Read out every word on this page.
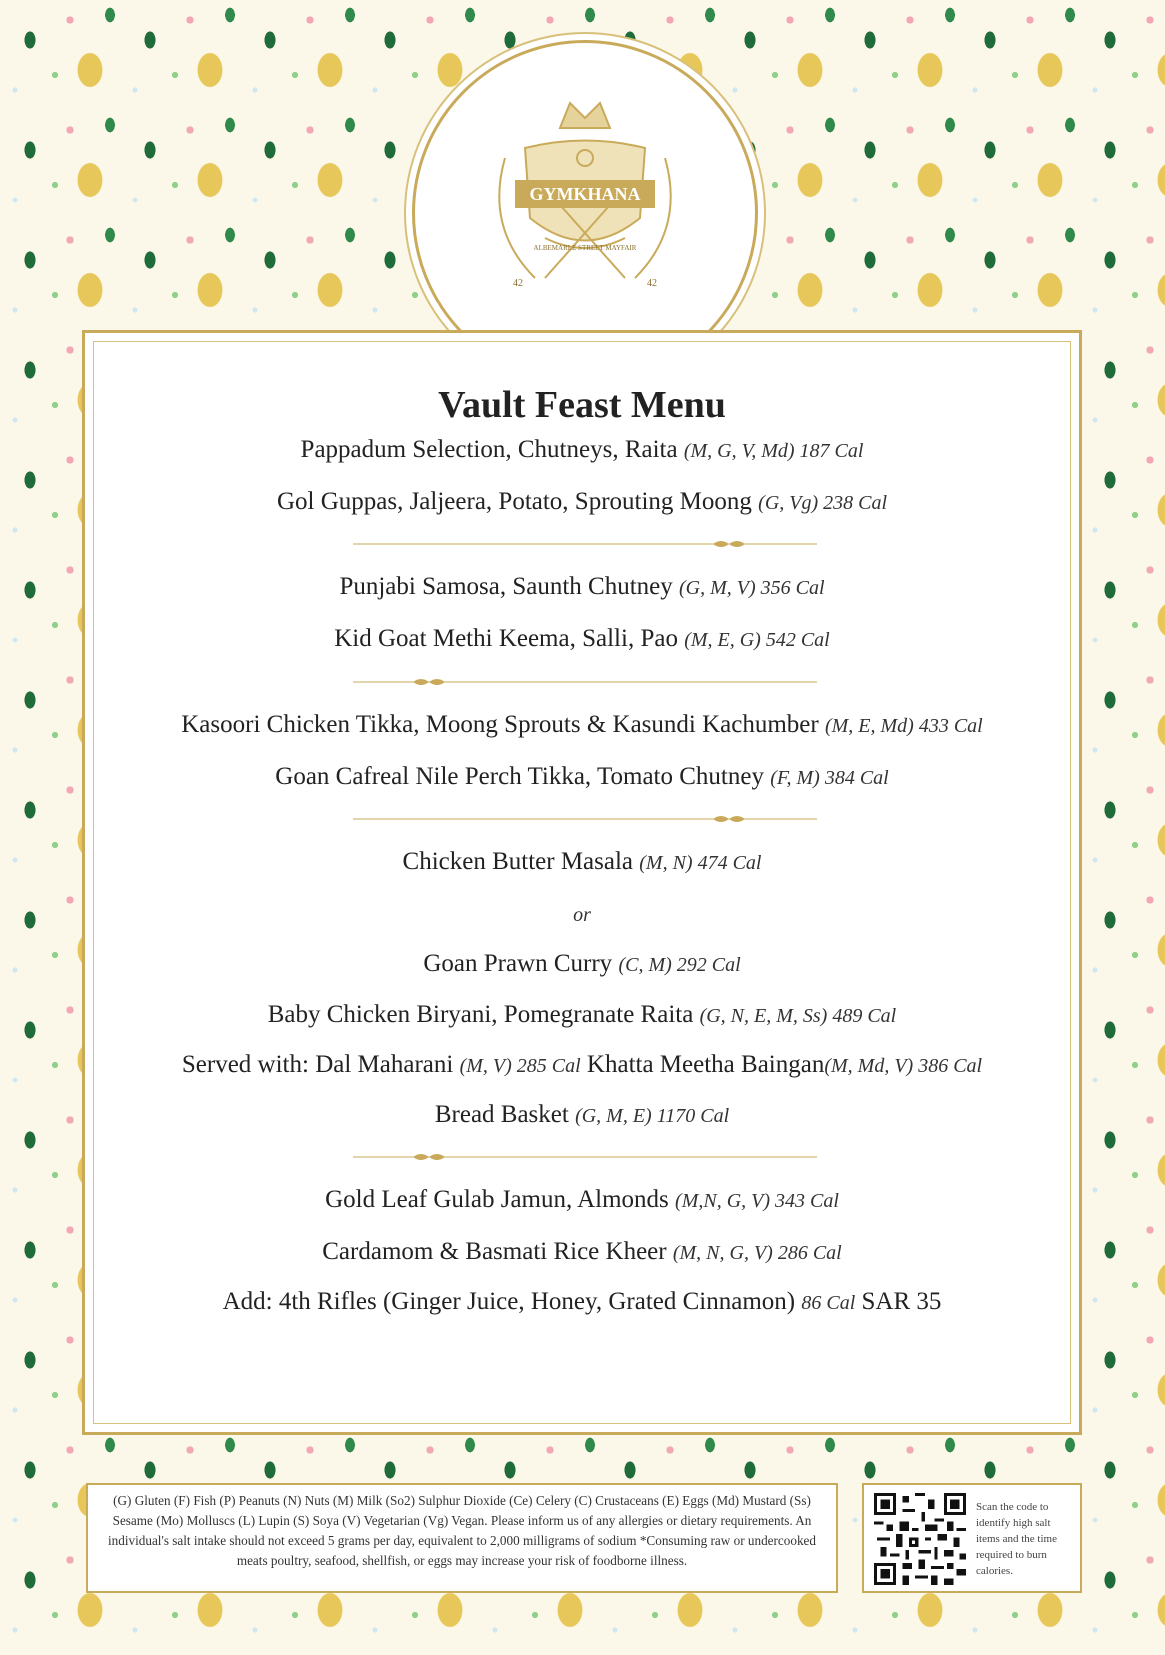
GYMKHANA
ALBEMARLE STREET MAYFAIR
42	42
Vault Feast Menu
Pappadum Selection, Chutneys, Raita (M, G, V, Md) 187 Cal
Gol Guppas, Jaljeera, Potato, Sprouting Moong (G, Vg) 238 Cal
Punjabi Samosa, Saunth Chutney (G, M, V) 356 Cal
Kid Goat Methi Keema, Salli, Pao (M, E, G) 542 Cal
Kasoori Chicken Tikka, Moong Sprouts & Kasundi Kachumber (M, E, Md) 433 Cal
Goan Cafreal Nile Perch Tikka, Tomato Chutney (F, M) 384 Cal
Chicken Butter Masala (M, N) 474 Cal
or
Goan Prawn Curry (C, M) 292 Cal
Baby Chicken Biryani, Pomegranate Raita (G, N, E, M, Ss) 489 Cal
Served with: Dal Maharani (M, V) 285 Cal Khatta Meetha Baingan(M, Md, V) 386 Cal
Bread Basket (G, M, E) 1170 Cal
Gold Leaf Gulab Jamun, Almonds (M,N, G, V) 343 Cal
Cardamom & Basmati Rice Kheer (M, N, G, V) 286 Cal
Add: 4th Rifles (Ginger Juice, Honey, Grated Cinnamon) 86 Cal SAR 35
(G) Gluten (F) Fish (P) Peanuts (N) Nuts (M) Milk (So2) Sulphur Dioxide (Ce) Celery (C) Crustaceans (E) Eggs (Md) Mustard (Ss) Sesame (Mo) Molluscs (L) Lupin (S) Soya (V) Vegetarian (Vg) Vegan. Please inform us of any allergies or dietary requirements. An individual's salt intake should not exceed 5 grams per day, equivalent to 2,000 milligrams of sodium *Consuming raw or undercooked meats poultry, seafood, shellfish, or eggs may increase your risk of foodborne illness.
Scan the code to identify high salt items and the time required to burn calories.
